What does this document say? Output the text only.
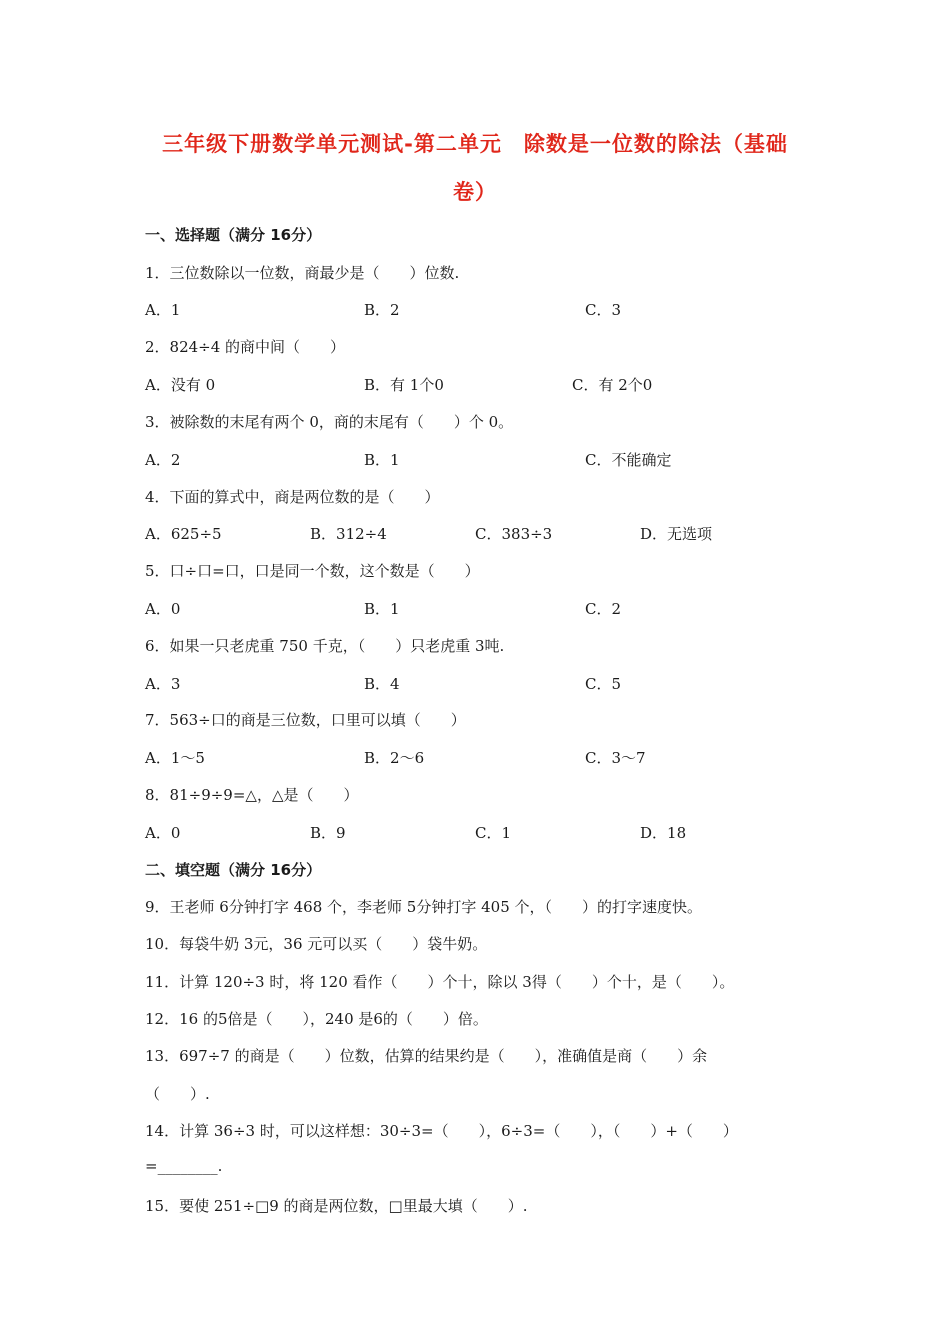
三年级下册数学单元测试-第二单元　除数是一位数的除法（基础
卷）
一、选择题（满分 16分）
1．三位数除以一位数，商最少是（　　）位数.
A．1	B．2	C．3
2．824÷4 的商中间（　　）
A．没有 0	B．有 1个0	C．有 2个0
3．被除数的末尾有两个 0，商的末尾有（　　）个 0。
A．2	B．1	C．不能确定
4．下面的算式中，商是两位数的是（　　）
A．625÷5	B．312÷4	C．383÷3	D．无选项
5．口÷口=口，口是同一个数，这个数是（　　）
A．0	B．1	C．2
6．如果一只老虎重 750 千克，（　　）只老虎重 3吨.
A．3	B．4	C．5
7．563÷口的商是三位数，口里可以填（　　）
A．1～5	B．2～6	C．3～7
8．81÷9÷9=△，△是（　　）
A．0	B．9	C．1	D．18
二、填空题（满分 16分）
9．王老师 6分钟打字 468 个，李老师 5分钟打字 405 个，（　　）的打字速度快。
10．每袋牛奶 3元，36 元可以买（　　）袋牛奶。
11．计算 120÷3 时，将 120 看作（　　）个十，除以 3得（　　）个十，是（　　）。
12．16 的5倍是（　　），240 是6的（　　）倍。
13．697÷7 的商是（　　）位数，估算的结果约是（　　），准确值是商（　　）余
（　　）.
14．计算 36÷3 时，可以这样想：30÷3=（　　），6÷3=（　　），（　　）+（　　）
=________.
15．要使 251÷□9 的商是两位数，□里最大填（　　）.
